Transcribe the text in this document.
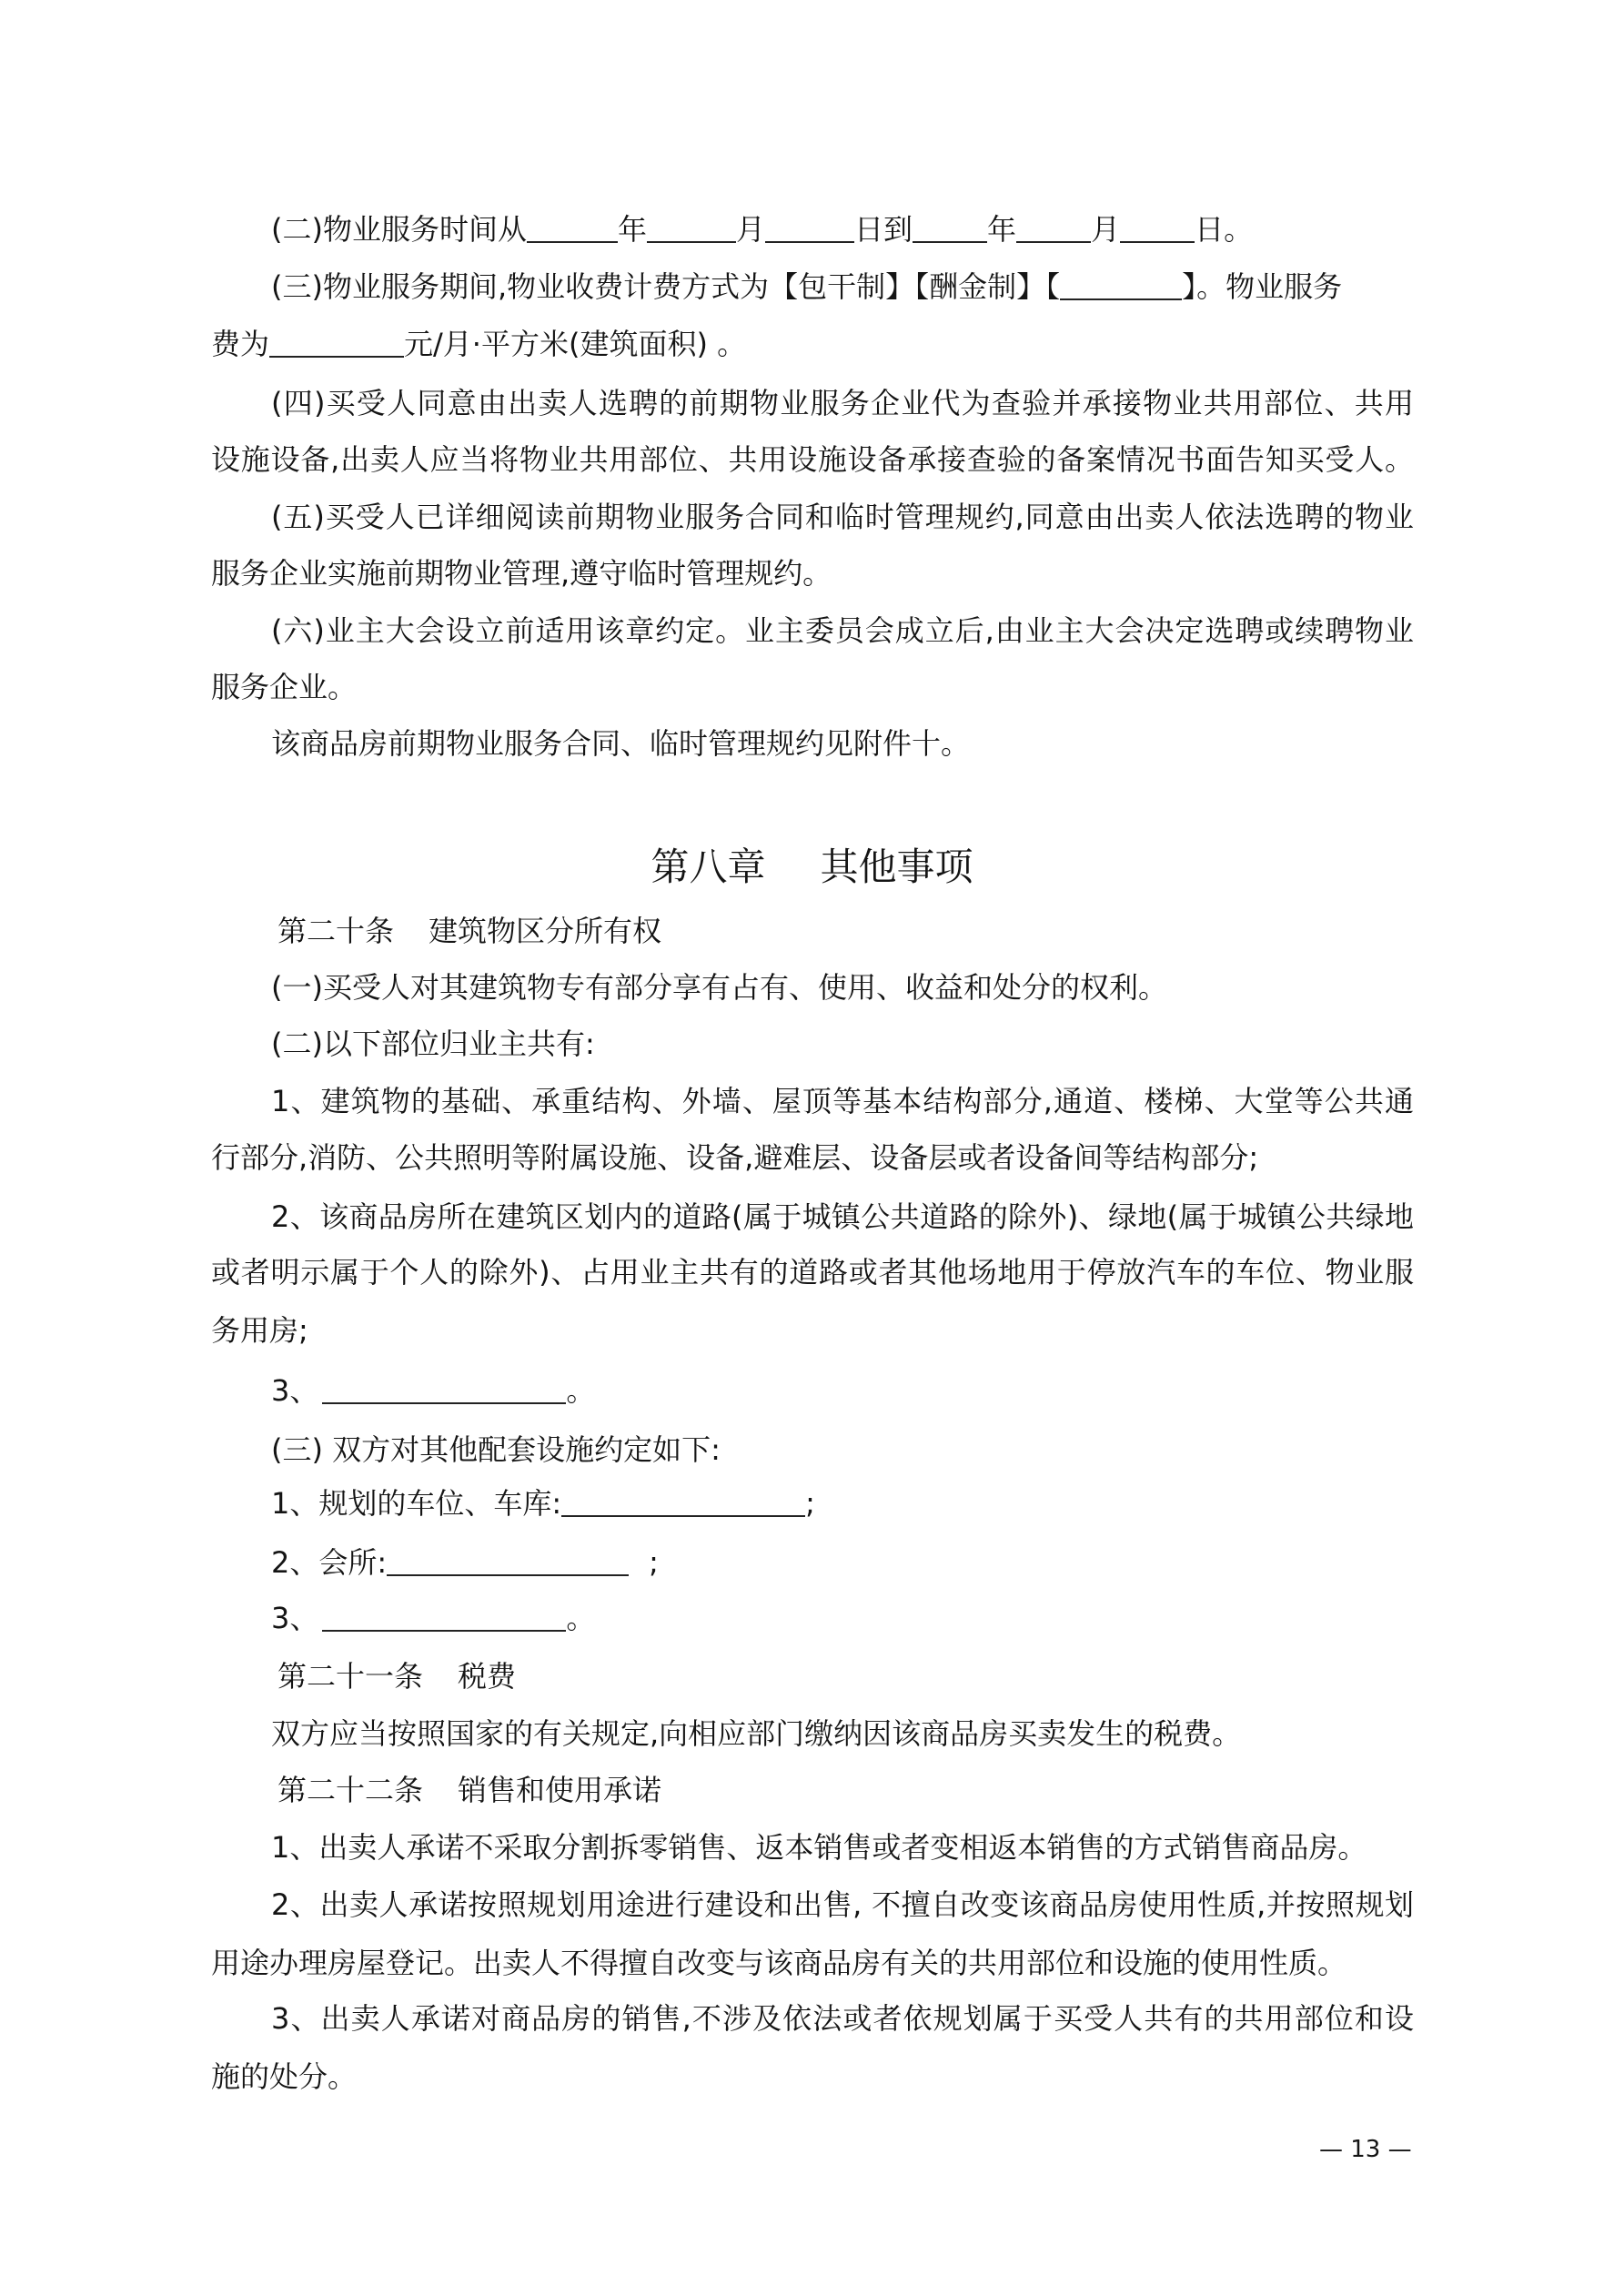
(二)物业服务时间从	年	月	日到	年	月	日。
(三)物业服务期间,物业收费计费方式为【包干制】【酬金制】【	】。物业服务
费为	元/月·平方米(建筑面积) 。
(四)买受人同意由出卖人选聘的前期物业服务企业代为查验并承接物业共用部位、共用
设施设备,出卖人应当将物业共用部位、共用设施设备承接查验的备案情况书面告知买受人。
(五)买受人已详细阅读前期物业服务合同和临时管理规约,同意由出卖人依法选聘的物业
服务企业实施前期物业管理,遵守临时管理规约。
(六)业主大会设立前适用该章约定。业主委员会成立后,由业主大会决定选聘或续聘物业
服务企业。
该商品房前期物业服务合同、临时管理规约见附件十。
第八章 其他事项
第二十条 建筑物区分所有权
(一)买受人对其建筑物专有部分享有占有、使用、收益和处分的权利。
(二)以下部位归业主共有:
1、建筑物的基础、承重结构、外墙、屋顶等基本结构部分,通道、楼梯、大堂等公共通
行部分,消防、公共照明等附属设施、设备,避难层、设备层或者设备间等结构部分;
2、该商品房所在建筑区划内的道路(属于城镇公共道路的除外)、绿地(属于城镇公共绿地
或者明示属于个人的除外)、占用业主共有的道路或者其他场地用于停放汽车的车位、物业服
务用房;
3、	。
(三) 双方对其他配套设施约定如下:
1、规划的车位、车库:	;
2、会所:	;
3、	。
第二十一条 税费
双方应当按照国家的有关规定,向相应部门缴纳因该商品房买卖发生的税费。
第二十二条 销售和使用承诺
1、出卖人承诺不采取分割拆零销售、返本销售或者变相返本销售的方式销售商品房。
2、出卖人承诺按照规划用途进行建设和出售, 不擅自改变该商品房使用性质,并按照规划
用途办理房屋登记。出卖人不得擅自改变与该商品房有关的共用部位和设施的使用性质。
3、出卖人承诺对商品房的销售,不涉及依法或者依规划属于买受人共有的共用部位和设
施的处分。
— 13 —
